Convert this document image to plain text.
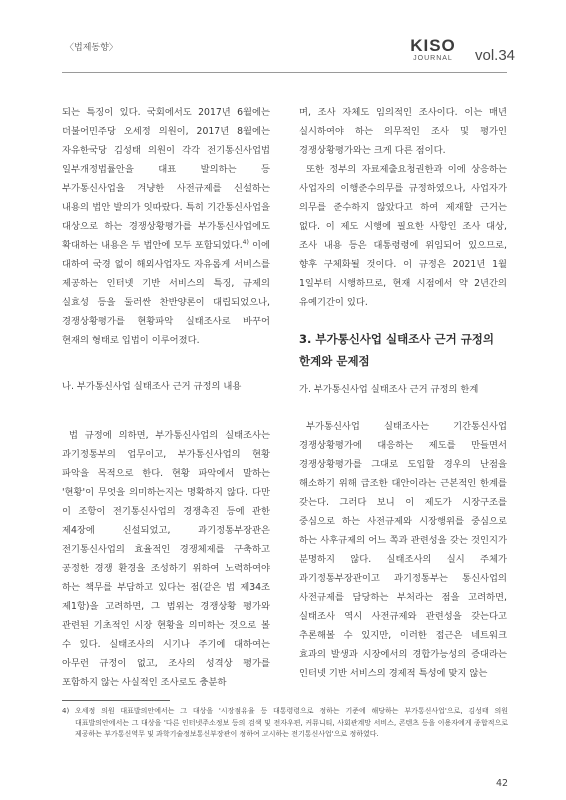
〈법제동향〉	KISO
JOURNAL	vol.34

되는 특징이 있다. 국회에서도 2017년 6월에는 더불어민주당 오세정 의원이, 2017년 8월에는 자유한국당 김성태 의원이 각각 전기통신사업법 일부개정법률안을 대표 발의하는 등 부가통신사업을 겨냥한 사전규제를 신설하는 내용의 법안 발의가 잇따랐다. 특히 기간통신사업을 대상으로 하는 경쟁상황평가를 부가통신사업에도 확대하는 내용은 두 법안에 모두 포함되었다.$^{4)}$ 이에 대하여 국경 없이 해외사업자도 자유롭게 서비스를 제공하는 인터넷 기반 서비스의 특징, 규제의 실효성 등을 둘러싼 찬반양론이 대립되었으나, 경쟁상황평가를 현황파악 실태조사로 바꾸어 현재의 형태로 입법이 이루어졌다.

나. 부가통신사업 실태조사 근거 규정의 내용

법 규정에 의하면, 부가통신사업의 실태조사는 과기정통부의 업무이고, 부가통신사업의 현황 파악을 목적으로 한다. 현황 파악에서 말하는 '현황'이 무엇을 의미하는지는 명확하지 않다. 다만 이 조항이 전기통신사업의 경쟁촉진 등에 관한 제4장에 신설되었고, 과기정통부장관은 전기통신사업의 효율적인 경쟁체제를 구축하고 공정한 경쟁 환경을 조성하기 위하여 노력하여야 하는 책무를 부담하고 있다는 점(같은 법 제34조 제1항)을 고려하면, 그 범위는 경쟁상황 평가와 관련된 기초적인 시장 현황을 의미하는 것으로 볼 수 있다. 실태조사의 시기나 주기에 대하여는 아무런 규정이 없고, 조사의 성격상 평가를 포함하지 않는 사실적인 조사로도 충분하

며, 조사 자체도 임의적인 조사이다. 이는 매년 실시하여야 하는 의무적인 조사 및 평가인 경쟁상황평가와는 크게 다른 점이다.

또한 정부의 자료제출요청권한과 이에 상응하는 사업자의 이행준수의무를 규정하였으나, 사업자가 의무를 준수하지 않았다고 하여 제재할 근거는 없다. 이 제도 시행에 필요한 사항인 조사 대상, 조사 내용 등은 대통령령에 위임되어 있으므로, 향후 구체화될 것이다. 이 규정은 2021년 1월 1일부터 시행하므로, 현재 시점에서 약 2년간의 유예기간이 있다.

3. 부가통신사업 실태조사 근거 규정의 한계와 문제점

가. 부가통신사업 실태조사 근거 규정의 한계

부가통신사업 실태조사는 기간통신사업 경쟁상황평가에 대응하는 제도를 만들면서 경쟁상황평가를 그대로 도입할 경우의 난점을 해소하기 위해 급조한 대안이라는 근본적인 한계를 갖는다. 그러다 보니 이 제도가 시장구조를 중심으로 하는 사전규제와 시장행위를 중심으로 하는 사후규제의 어느 쪽과 관련성을 갖는 것인지가 분명하지 않다. 실태조사의 실시 주체가 과기정통부장관이고 과기정통부는 통신사업의 사전규제를 담당하는 부처라는 점을 고려하면, 실태조사 역시 사전규제와 관련성을 갖는다고 추론해볼 수 있지만, 이러한 접근은 네트워크 효과의 발생과 시장에서의 경합가능성의 증대라는 인터넷 기반 서비스의 경제적 특성에 맞지 않는

4) 오세정 의원 대표발의안에서는 그 대상을 '시장점유율 등 대통령령으로 정하는 기준에 해당하는 부가통신사업'으로, 김성태 의원 대표발의안에서는 그 대상을 '다른 인터넷주소정보 등의 검색 및 전자우편, 커뮤니티, 사회관계망 서비스, 콘텐츠 등을 이용자에게 종합적으로 제공하는 부가통신역무 및 과학기술정보통신부장관이 정하여 고시하는 전기통신사업'으로 정하였다.
42
